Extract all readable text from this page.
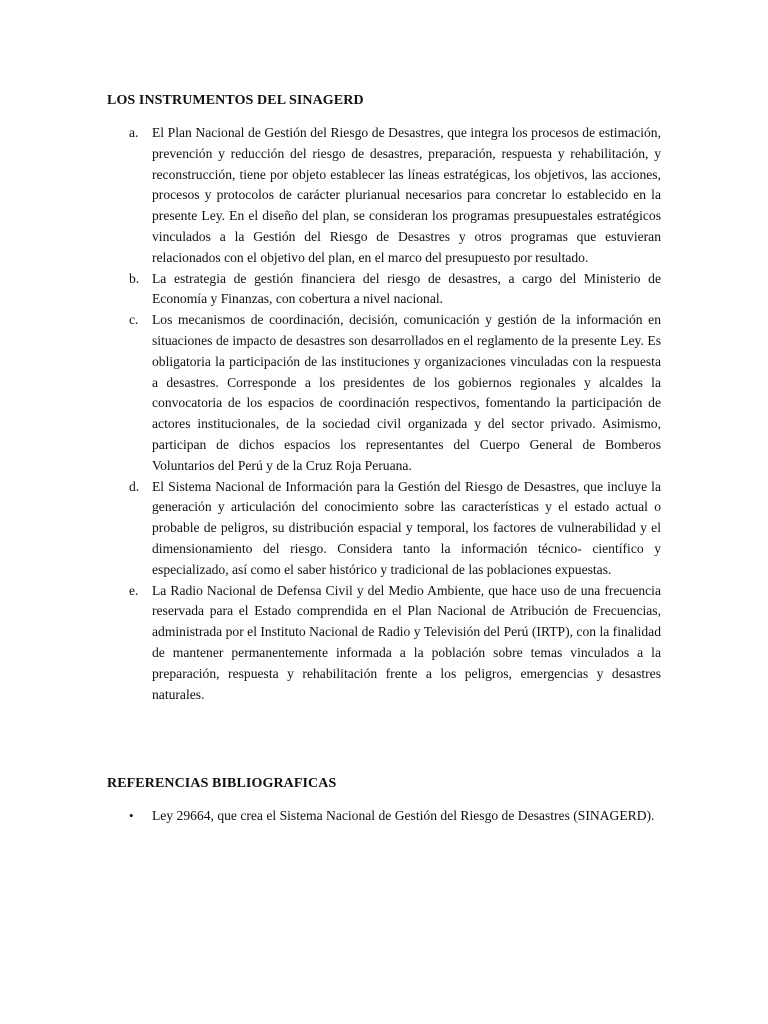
LOS INSTRUMENTOS DEL SINAGERD
a. El Plan Nacional de Gestión del Riesgo de Desastres, que integra los procesos de estimación, prevención y reducción del riesgo de desastres, preparación, respuesta y rehabilitación, y reconstrucción, tiene por objeto establecer las líneas estratégicas, los objetivos, las acciones, procesos y protocolos de carácter plurianual necesarios para concretar lo establecido en la presente Ley. En el diseño del plan, se consideran los programas presupuestales estratégicos vinculados a la Gestión del Riesgo de Desastres y otros programas que estuvieran relacionados con el objetivo del plan, en el marco del presupuesto por resultado.
b. La estrategia de gestión financiera del riesgo de desastres, a cargo del Ministerio de Economía y Finanzas, con cobertura a nivel nacional.
c. Los mecanismos de coordinación, decisión, comunicación y gestión de la información en situaciones de impacto de desastres son desarrollados en el reglamento de la presente Ley. Es obligatoria la participación de las instituciones y organizaciones vinculadas con la respuesta a desastres. Corresponde a los presidentes de los gobiernos regionales y alcaldes la convocatoria de los espacios de coordinación respectivos, fomentando la participación de actores institucionales, de la sociedad civil organizada y del sector privado. Asimismo, participan de dichos espacios los representantes del Cuerpo General de Bomberos Voluntarios del Perú y de la Cruz Roja Peruana.
d. El Sistema Nacional de Información para la Gestión del Riesgo de Desastres, que incluye la generación y articulación del conocimiento sobre las características y el estado actual o probable de peligros, su distribución espacial y temporal, los factores de vulnerabilidad y el dimensionamiento del riesgo. Considera tanto la información técnico- científico y especializado, así como el saber histórico y tradicional de las poblaciones expuestas.
e. La Radio Nacional de Defensa Civil y del Medio Ambiente, que hace uso de una frecuencia reservada para el Estado comprendida en el Plan Nacional de Atribución de Frecuencias, administrada por el Instituto Nacional de Radio y Televisión del Perú (IRTP), con la finalidad de mantener permanentemente informada a la población sobre temas vinculados a la preparación, respuesta y rehabilitación frente a los peligros, emergencias y desastres naturales.
REFERENCIAS BIBLIOGRAFICAS
• Ley 29664, que crea el Sistema Nacional de Gestión del Riesgo de Desastres (SINAGERD).
